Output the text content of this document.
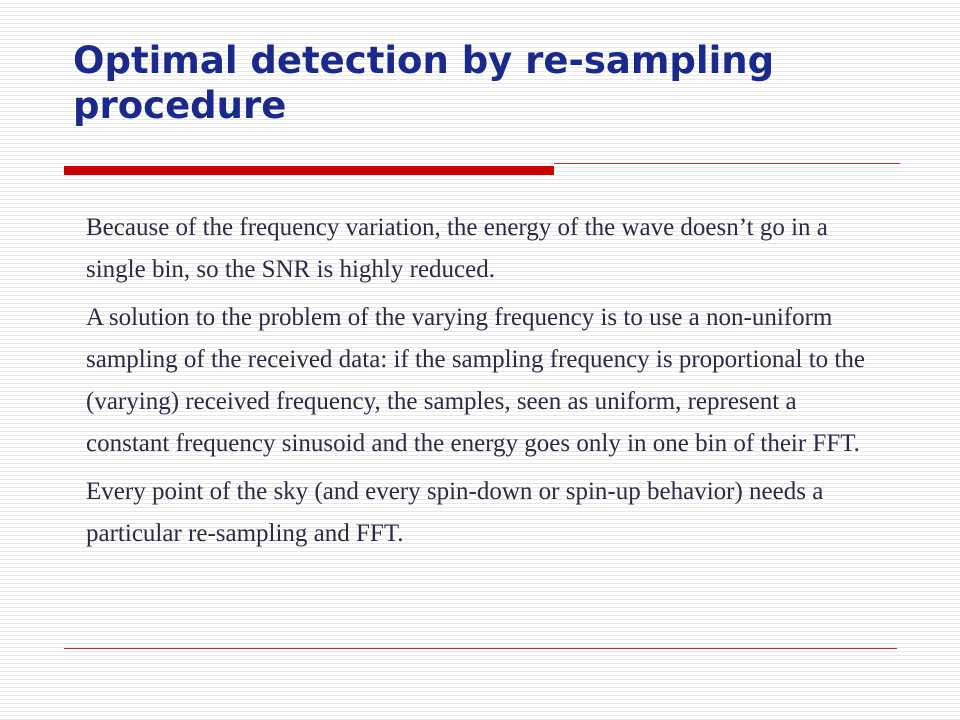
Optimal detection by re-sampling procedure

Because of the frequency variation, the energy of the wave doesn’t go in a single bin, so the SNR is highly reduced.

A solution to the problem of the varying frequency is to use a non-uniform sampling of the received data: if the sampling frequency is proportional to the (varying) received frequency, the samples, seen as uniform, represent a constant frequency sinusoid and the energy goes only in one bin of their FFT.

Every point of the sky (and every spin-down or spin-up behavior) needs a particular re-sampling and FFT.
